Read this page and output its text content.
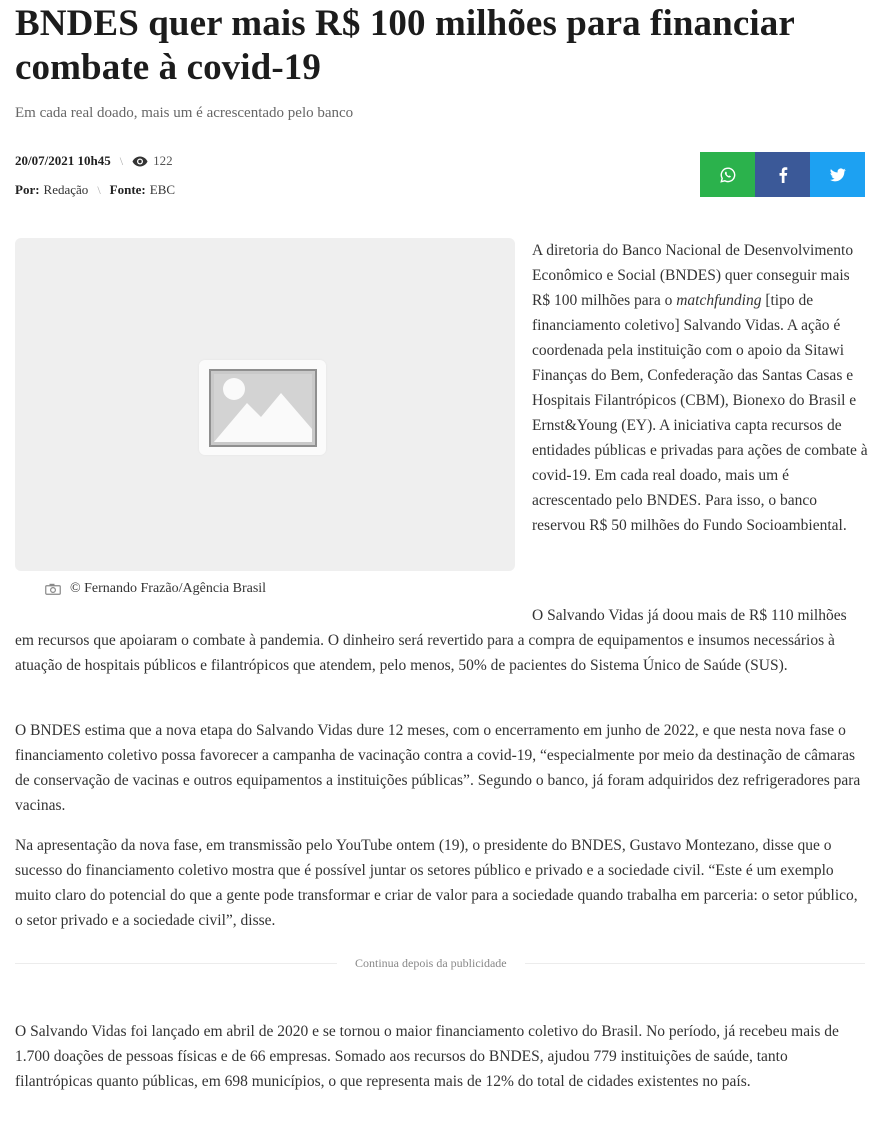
BNDES quer mais R$ 100 milhões para financiar combate à covid-19

Em cada real doado, mais um é acrescentado pelo banco

20/07/2021 10h45 \ 122
Por: Redação \ Fonte: EBC
© Fernando Frazão/Agência Brasil

A diretoria do Banco Nacional de Desenvolvimento Econômico e Social (BNDES) quer conseguir mais R$ 100 milhões para o matchfunding [tipo de financiamento coletivo] Salvando Vidas. A ação é coordenada pela instituição com o apoio da Sitawi Finanças do Bem, Confederação das Santas Casas e Hospitais Filantrópicos (CBM), Bionexo do Brasil e Ernst&Young (EY). A iniciativa capta recursos de entidades públicas e privadas para ações de combate à covid-19. Em cada real doado, mais um é acrescentado pelo BNDES. Para isso, o banco reservou R$ 50 milhões do Fundo Socioambiental.

O Salvando Vidas já doou mais de R$ 110 milhões em recursos que apoiaram o combate à pandemia. O dinheiro será revertido para a compra de equipamentos e insumos necessários à atuação de hospitais públicos e filantrópicos que atendem, pelo menos, 50% de pacientes do Sistema Único de Saúde (SUS).

O BNDES estima que a nova etapa do Salvando Vidas dure 12 meses, com o encerramento em junho de 2022, e que nesta nova fase o financiamento coletivo possa favorecer a campanha de vacinação contra a covid-19, “especialmente por meio da destinação de câmaras de conservação de vacinas e outros equipamentos a instituições públicas”. Segundo o banco, já foram adquiridos dez refrigeradores para vacinas.

Na apresentação da nova fase, em transmissão pelo YouTube ontem (19), o presidente do BNDES, Gustavo Montezano, disse que o sucesso do financiamento coletivo mostra que é possível juntar os setores público e privado e a sociedade civil. “Este é um exemplo muito claro do potencial do que a gente pode transformar e criar de valor para a sociedade quando trabalha em parceria: o setor público, o setor privado e a sociedade civil”, disse.

Continua depois da publicidade

O Salvando Vidas foi lançado em abril de 2020 e se tornou o maior financiamento coletivo do Brasil. No período, já recebeu mais de 1.700 doações de pessoas físicas e de 66 empresas. Somado aos recursos do BNDES, ajudou 779 instituições de saúde, tanto filantrópicas quanto públicas, em 698 municípios, o que representa mais de 12% do total de cidades existentes no país.
